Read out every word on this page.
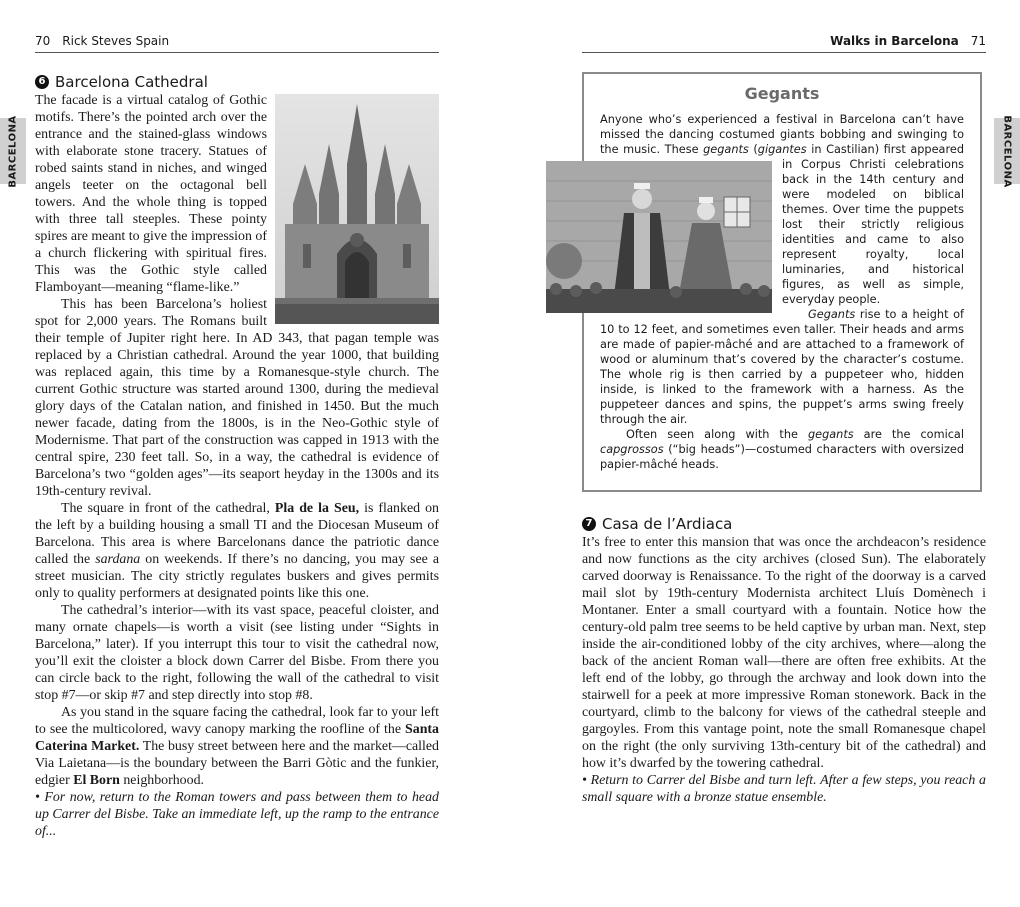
70 Rick Steves Spain
BARCELONA
6 Barcelona Cathedral

The facade is a virtual catalog of Gothic motifs. There’s the pointed arch over the entrance and the stained-glass windows with elaborate stone tracery. Statues of robed saints stand in niches, and winged angels teeter on the octagonal bell towers. And the whole thing is topped with three tall steeples. These pointy spires are meant to give the impression of a church flickering with spiritual fires. This was the Gothic style called Flamboyant—meaning “flame-like.”

This has been Barcelona’s holiest spot for 2,000 years. The Romans built their temple of Jupiter right here. In AD 343, that pagan temple was replaced by a Christian cathedral. Around the year 1000, that building was replaced again, this time by a Romanesque-style church. The current Gothic structure was started around 1300, during the medieval glory days of the Catalan nation, and finished in 1450. But the much newer facade, dating from the 1800s, is in the Neo-Gothic style of Modernisme. That part of the construction was capped in 1913 with the central spire, 230 feet tall. So, in a way, the cathedral is evidence of Barcelona’s two “golden ages”—its seaport heyday in the 1300s and its 19th-century revival.

The square in front of the cathedral, Pla de la Seu, is flanked on the left by a building housing a small TI and the Diocesan Museum of Barcelona. This area is where Barcelonans dance the patriotic dance called the sardana on weekends. If there’s no dancing, you may see a street musician. The city strictly regulates buskers and gives permits only to quality performers at designated points like this one.

The cathedral’s interior—with its vast space, peaceful cloister, and many ornate chapels—is worth a visit (see listing under “Sights in Barcelona,” later). If you interrupt this tour to visit the cathedral now, you’ll exit the cloister a block down Carrer del Bisbe. From there you can circle back to the right, following the wall of the cathedral to visit stop #7—or skip #7 and step directly into stop #8.

As you stand in the square facing the cathedral, look far to your left to see the multicolored, wavy canopy marking the roofline of the Santa Caterina Market. The busy street between here and the market—called Via Laietana—is the boundary between the Barri Gòtic and the funkier, edgier El Born neighborhood.

• For now, return to the Roman towers and pass between them to head up Carrer del Bisbe. Take an immediate left, up the ramp to the entrance of...

Walks in Barcelona 71
BARCELONA
Gegants

Anyone who’s experienced a festival in Barcelona can’t have missed the dancing costumed giants bobbing and swinging to the music. These gegants (gigantes
in Castilian) first appeared in Corpus Christi celebrations back in the 14th century and were modeled on biblical themes. Over time the puppets lost their strictly religious identities and came to also represent royalty, local luminaries, and historical figures, as well as simple, everyday people.

Gegants rise to a height of 10 to 12 feet, and sometimes even taller. Their heads and arms are made of papier-mâché and are attached to a framework of wood or aluminum that’s covered by the character’s costume. The whole rig is then carried by a puppeteer who, hidden inside, is linked to the framework with a harness. As the puppeteer dances and spins, the puppet’s arms swing freely through the air.

Often seen along with the gegants are the comical capgrossos (“big heads”)—costumed characters with oversized papier-mâché heads.

7 Casa de l’Ardiaca

It’s free to enter this mansion that was once the archdeacon’s residence and now functions as the city archives (closed Sun). The elaborately carved doorway is Renaissance. To the right of the doorway is a carved mail slot by 19th-century Modernista architect Lluís Domènech i Montaner. Enter a small courtyard with a fountain. Notice how the century-old palm tree seems to be held captive by urban man. Next, step inside the air-conditioned lobby of the city archives, where—along the back of the ancient Roman wall—there are often free exhibits. At the left end of the lobby, go through the archway and look down into the stairwell for a peek at more impressive Roman stonework. Back in the courtyard, climb to the balcony for views of the cathedral steeple and gargoyles. From this vantage point, note the small Romanesque chapel on the right (the only surviving 13th-century bit of the cathedral) and how it’s dwarfed by the towering cathedral.

• Return to Carrer del Bisbe and turn left. After a few steps, you reach a small square with a bronze statue ensemble.
